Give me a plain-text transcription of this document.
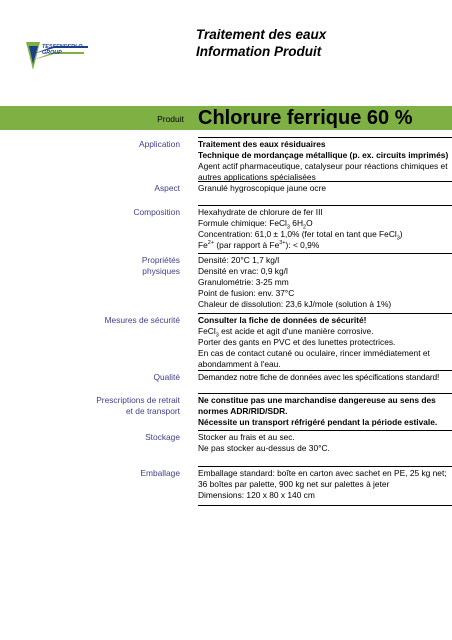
Traitement des eaux
Information Produit
TESSENDERLO
GROUP
Produit Chlorure ferrique 60 %
Application Traitement des eaux résiduaires
Technique de mordançage métallique (p. ex. circuits imprimés)
Agent actif pharmaceutique, catalyseur pour réactions chimiques et
autres applications spécialisées
Aspect Granulé hygroscopique jaune ocre
Composition Hexahydrate de chlorure de fer III
Formule chimique: FeCl$_3$ $6H_2O$
Concentration: 61,0 ± 1,0% (fer total en tant que FeCl$_3$)
$Fe^{2+}$ (par rapport à $Fe^{3+}$): < 0,9%
Propriétés
physiques
Densité: 20°C 1,7 kg/l
Densité en vrac: 0,9 kg/l
Granulométrie: 3-25 mm
Point de fusion: env. 37°C
Chaleur de dissolution: 23,6 kJ/mole (solution à 1%)
Mesures de sécurité Consulter la fiche de données de sécurité!
FeCl$_3$ est acide et agit d'une manière corrosive.
Porter des gants en PVC et des lunettes protectrices.
En cas de contact cutané ou oculaire, rincer immédiatement et
abondamment à l'eau.
Qualité Demandez notre fiche de données avec les spécifications standard!
Prescriptions de retrait
et de transport
Ne constitue pas une marchandise dangereuse au sens des
normes ADR/RID/SDR.
Nécessite un transport réfrigéré pendant la période estivale.
Stockage Stocker au frais et au sec.
Ne pas stocker au-dessus de 30°C.
Emballage Emballage standard: boîte en carton avec sachet en PE, 25 kg net;
36 boîtes par palette, 900 kg net sur palettes à jeter
Dimensions: 120 x 80 x 140 cm
